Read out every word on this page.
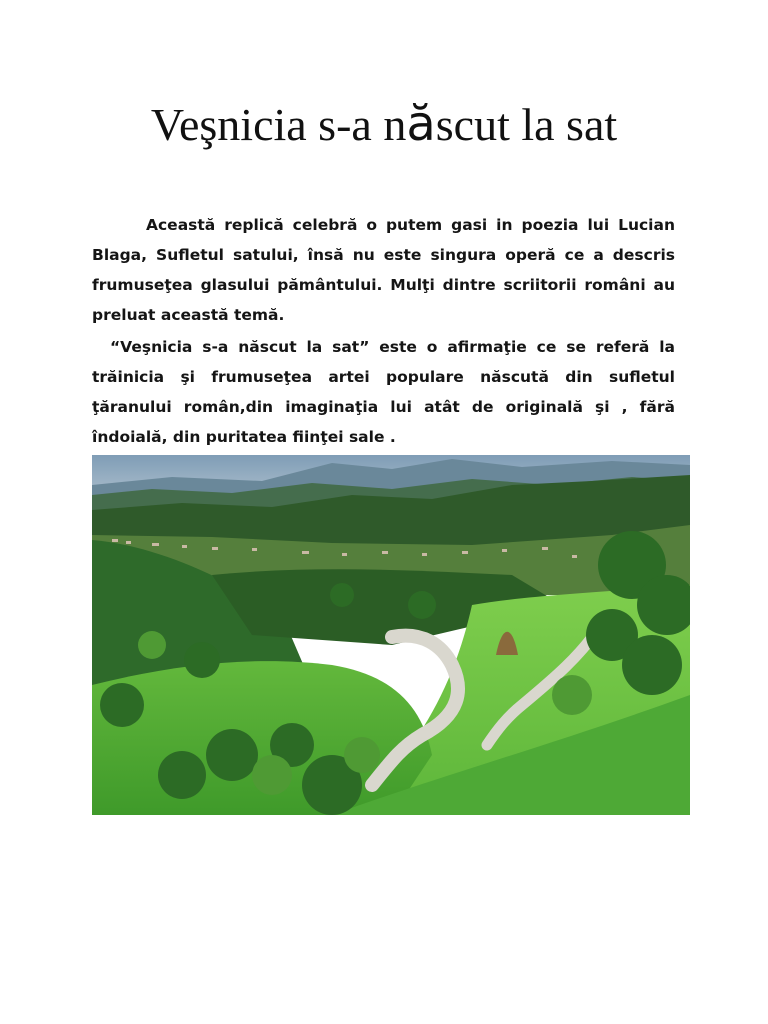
Veşnicia s-a născut la sat

Această replică celebră o putem gasi in poezia lui Lucian Blaga, Sufletul satului, însă nu este singura operă ce a descris frumuseţea glasului pământului. Mulţi dintre scriitorii români au preluat această temă.

“Veşnicia s-a născut la sat” este o afirmaţie ce se referă la trăinicia şi frumuseţea artei populare născută din sufletul ţăranului român,din imaginaţia lui atât de originală şi , fără îndoială, din puritatea fiinţei sale .
